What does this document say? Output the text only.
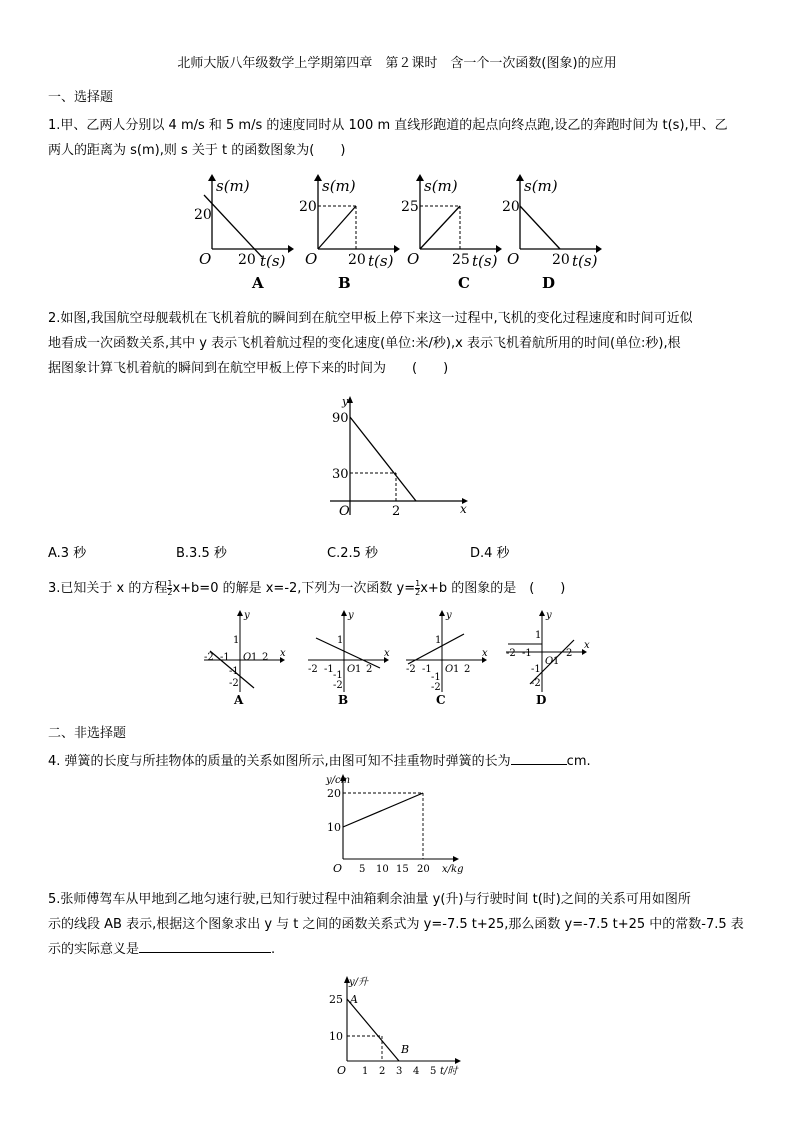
北师大版八年级数学上学期第四章　第２课时　含一个一次函数(图象)的应用
一、选择题
1.甲、乙两人分别以 4 m/s 和 5 m/s 的速度同时从 100 m 直线形跑道的起点向终点跑,设乙的奔跑时间为 t(s),甲、乙
两人的距离为 s(m),则 s 关于 t 的函数图象为(　　)
s(m)
20
O 20 t(s)
A
s(m)
20
O 20 t(s)
B
s(m)
25
O 25 t(s)
C
s(m)
20
O 20 t(s)
D
2.如图,我国航空母舰载机在飞机着航的瞬间到在航空甲板上停下来这一过程中,飞机的变化过程速度和时间可近似
地看成一次函数关系,其中 y 表示飞机着航过程的变化速度(单位:米/秒),x 表示飞机着航所用的时间(单位:秒),根
据图象计算飞机着航的瞬间到在航空甲板上停下来的时间为　　(　　)
y
90
30
O	2	x
A.3 秒	B.3.5 秒	C.2.5 秒	D.4 秒
3.已知关于 x 的方程 $\frac{1}{2} x+b=0$ 的解是 x=-2,下列为一次函数 $y= \frac{1}{2} x+b$ 的图象的是　(　　)
y
x
-2 -1 O 1 2
1
-1
-2
A
y
x
-2 -1 O 1 2
1
-1
-2
B
y
x
-2 -1 O 1 2
1
-1
-2
C
y
x
-2 -1
O 1
2
1
-1
-2
D
二、非选择题
4. 弹簧的长度与所挂物体的质量的关系如图所示,由图可知不挂重物时弹簧的长为	cm.
y/cm
20
10
O 5 10 15 20 x/kg
5.张师傅驾车从甲地到乙地匀速行驶,已知行驶过程中油箱剩余油量 y(升)与行驶时间 t(时)之间的关系可用如图所
示的线段 AB 表示,根据这个图象求出 y 与 t 之间的函数关系式为 y=-7.5 t+25,那么函数 y=-7.5 t+25 中的常数-7.5 表
示的实际意义是	.
y/升
25
10
A
B
O 1 2 3 4 5 t/时
